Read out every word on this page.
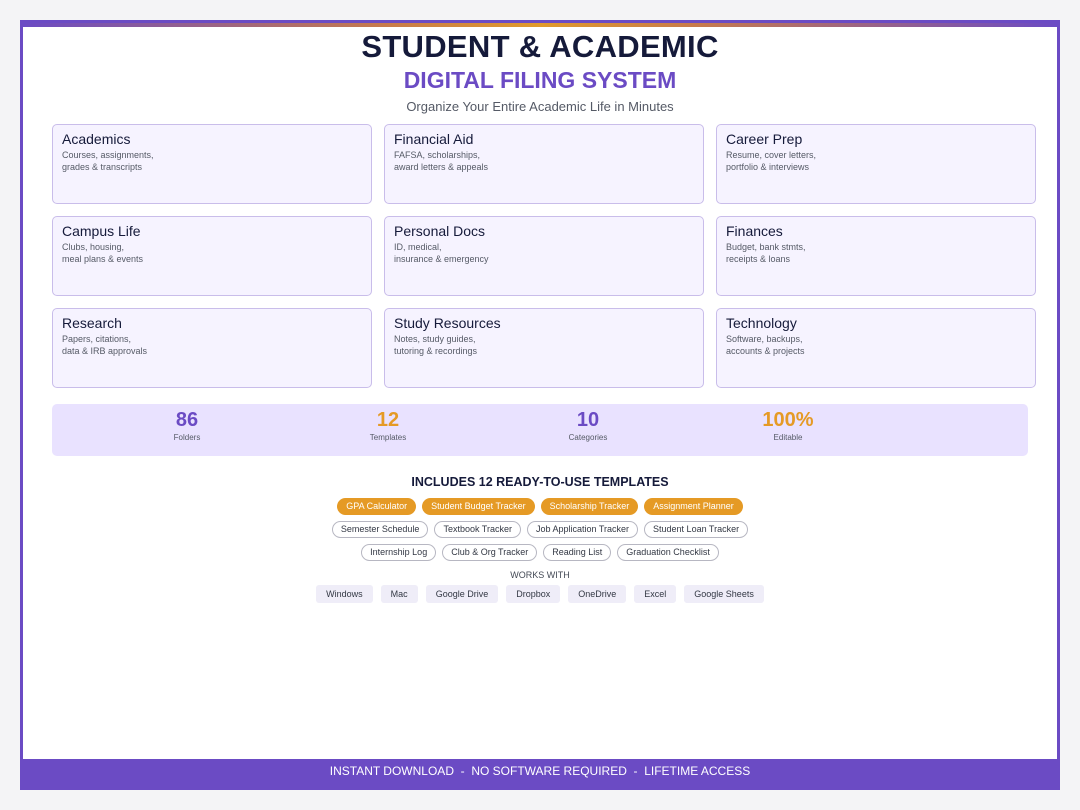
STUDENT & ACADEMIC
DIGITAL FILING SYSTEM
Organize Your Entire Academic Life in Minutes
Academics
Courses, assignments,
grades & transcripts
Financial Aid
FAFSA, scholarships,
award letters & appeals
Career Prep
Resume, cover letters,
portfolio & interviews
Campus Life
Clubs, housing,
meal plans & events
Personal Docs
ID, medical,
insurance & emergency
Finances
Budget, bank stmts,
receipts & loans
Research
Papers, citations,
data & IRB approvals
Study Resources
Notes, study guides,
tutoring & recordings
Technology
Software, backups,
accounts & projects
86
Folders
12
Templates
10
Categories
100%
Editable
INCLUDES 12 READY-TO-USE TEMPLATES
GPA Calculator	Student Budget Tracker	Scholarship Tracker	Assignment Planner
Semester Schedule	Textbook Tracker	Job Application Tracker	Student Loan Tracker
Internship Log	Club & Org Tracker	Reading List	Graduation Checklist
WORKS WITH
Windows	Mac	Google Drive	Dropbox	OneDrive	Excel	Google Sheets
INSTANT DOWNLOAD  -  NO SOFTWARE REQUIRED  -  LIFETIME ACCESS
